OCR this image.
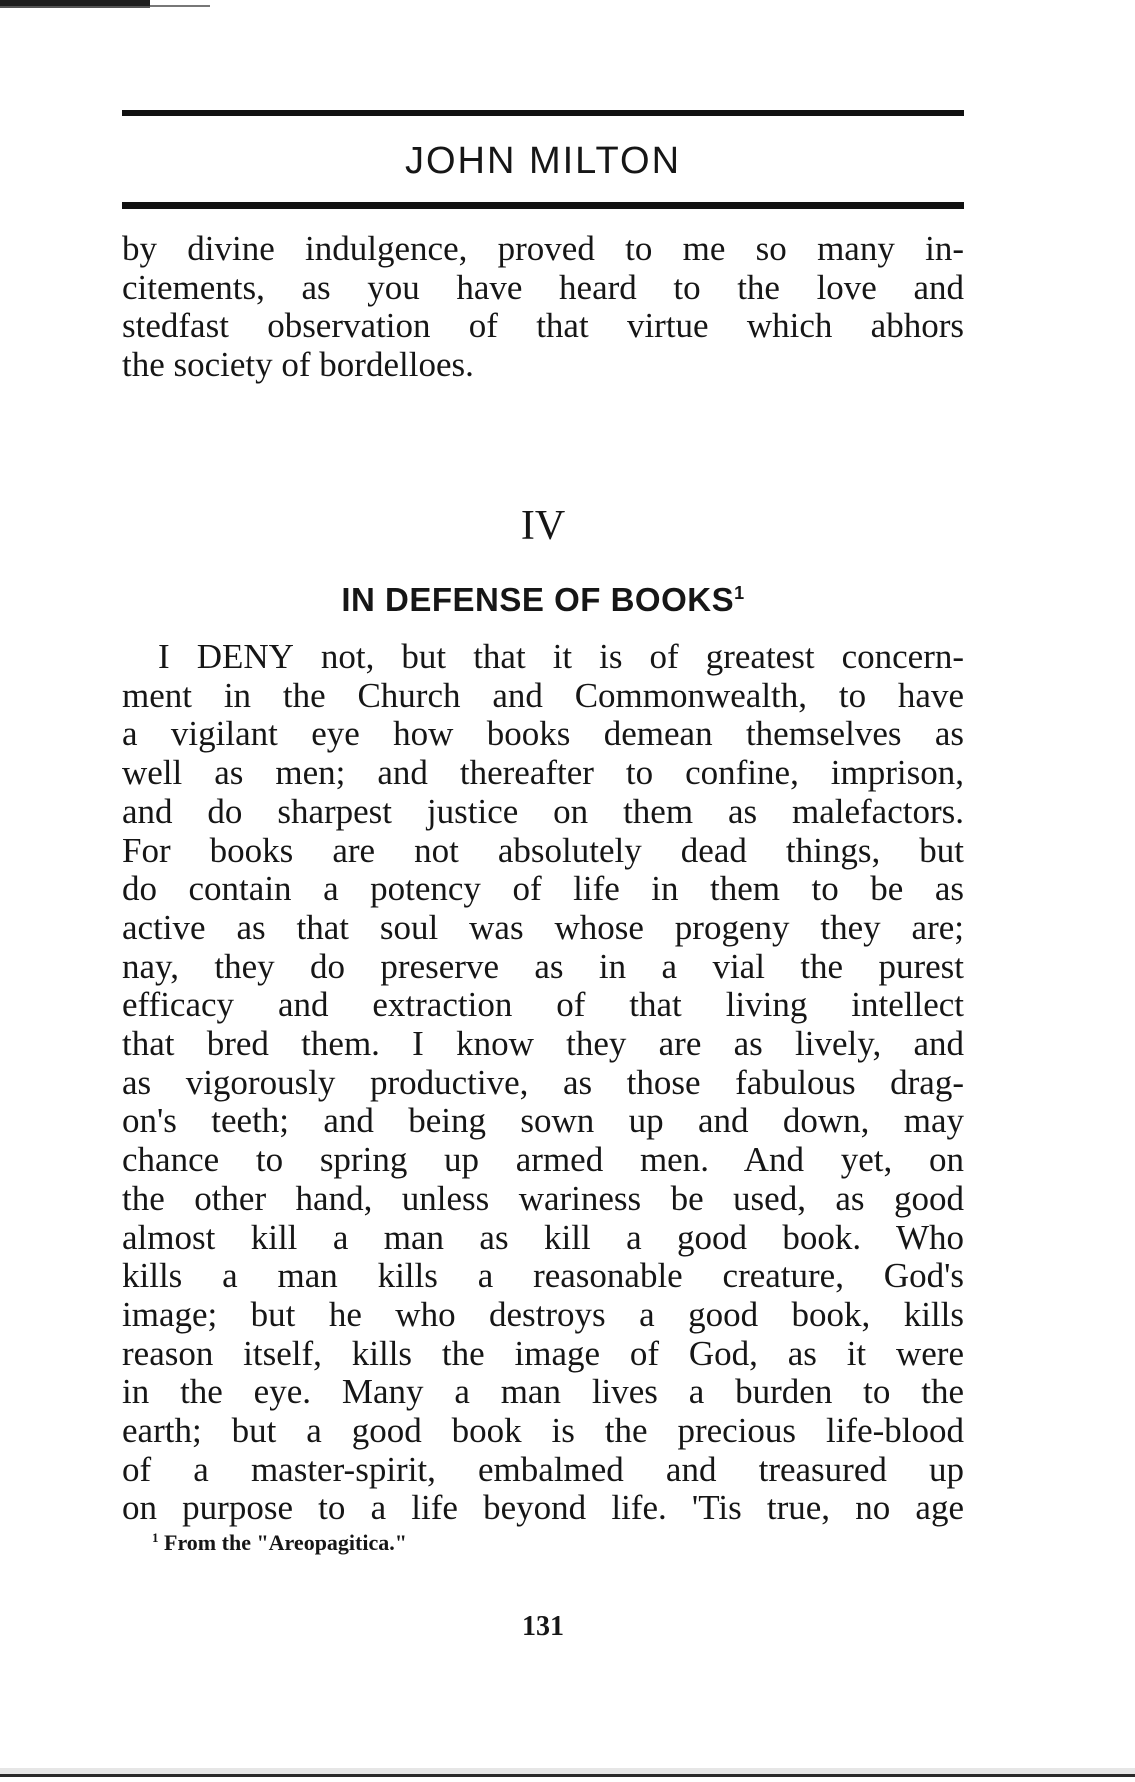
JOHN MILTON
by divine indulgence, proved to me so many in-
citements, as you have heard to the love and
stedfast observation of that virtue which abhors
the society of bordelloes.
IV
IN DEFENSE OF BOOKS$^1$
I DENY not, but that it is of greatest concern-
ment in the Church and Commonwealth, to have
a vigilant eye how books demean themselves as
well as men; and thereafter to confine, imprison,
and do sharpest justice on them as malefactors.
For books are not absolutely dead things, but
do contain a potency of life in them to be as
active as that soul was whose progeny they are;
nay, they do preserve as in a vial the purest
efficacy and extraction of that living intellect
that bred them. I know they are as lively, and
as vigorously productive, as those fabulous drag-
on's teeth; and being sown up and down, may
chance to spring up armed men. And yet, on
the other hand, unless wariness be used, as good
almost kill a man as kill a good book. Who
kills a man kills a reasonable creature, God's
image; but he who destroys a good book, kills
reason itself, kills the image of God, as it were
in the eye. Many a man lives a burden to the
earth; but a good book is the precious life-blood
of a master-spirit, embalmed and treasured up
on purpose to a life beyond life. 'Tis true, no age
$^1$ From the "Areopagitica."
131
